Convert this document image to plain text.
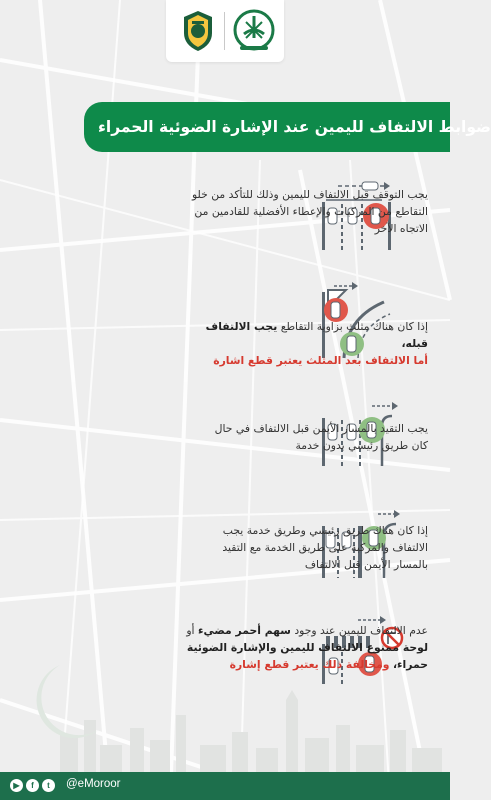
ضوابط الالتفاف لليمين عند الإشارة الضوئية الحمراء
يجب التوقف قبل الالتفاف لليمين وذلك للتأكد من خلو
التقاطع من المركبات والإعطاء الأفضلية للقادمين من
الاتجاه الآخر
إذا كان هناك مثلث بزاوية التقاطع يجب الالتفاف قبله،
أما الالتفاف بعد المثلث يعتبر قطع اشارة
يجب التقيد بالمسار الأيمن قبل الالتفاف في حال
كان طريق رئيسي بدون خدمة
إذا كان هناك طريق رئيسي وطريق خدمة يجب
الالتفاف والمركبة على طريق الخدمة مع التقيد
بالمسار الأيمن قبل الالتفاف
عدم الالتفاف لليمين عند وجود سهم أحمر مضيء أو
لوحة ممنوع الالتفاف لليمين والإشارة الضوئية
حمراء، ومخالفة ذلك يعتبر قطع إشارة
▶	f	t	@eMoroor
